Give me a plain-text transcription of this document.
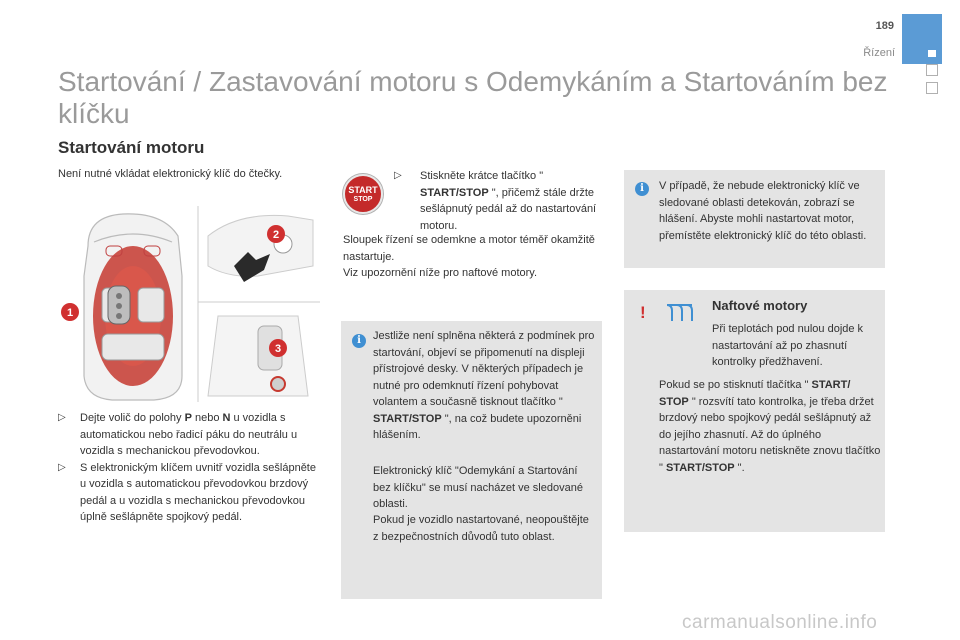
189
Řízení
Startování / Zastavování motoru s Odemykáním a Startováním bez klíčku
Startování motoru

Není nutné vkládat elektronický klíč do čtečky.

1
2
3
▷ Dejte volič do polohy P nebo N u vozidla s automatickou nebo řadicí páku do neutrálu u vozidla s mechanickou převodovkou.
▷ S elektronickým klíčem uvnitř vozidla sešlápněte u vozidla s automatickou převodovkou brzdový pedál a u vozidla s mechanickou převodovkou úplně sešlápněte spojkový pedál.
START
STOP
▷	Stiskněte krátce tlačítko " START/STOP ", přičemž stále držte sešlápnutý pedál až do nastartování motoru.

Sloupek řízení se odemkne a motor téměř okamžitě nastartuje.

Viz upozornění níže pro naftové motory.

i	Jestliže není splněna některá z podmínek pro startování, objeví se připomenutí na displeji přístrojové desky. V některých případech je nutné pro odemknutí řízení pohybovat volantem a současně tisknout tlačítko " START/STOP ", na což budete upozorněni hlášením.

Elektronický klíč "Odemykání a Startování bez klíčku" se musí nacházet ve sledované oblasti.

Pokud je vozidlo nastartované, neopouštějte z bezpečnostních důvodů tuto oblast.

i	V případě, že nebude elektronický klíč ve sledované oblasti detekován, zobrazí se hlášení. Abyste mohli nastartovat motor, přemístěte elektronický klíč do této oblasti.

!	Naftové motory

Při teplotách pod nulou dojde k nastartování až po zhasnutí kontrolky předžhavení.

Pokud se po stisknutí tlačítka " START/ STOP " rozsvítí tato kontrolka, je třeba držet brzdový nebo spojkový pedál sešlápnutý až do jejího zhasnutí. Až do úplného nastartování motoru netiskněte znovu tlačítko " START/STOP ".

carmanualsonline.info
